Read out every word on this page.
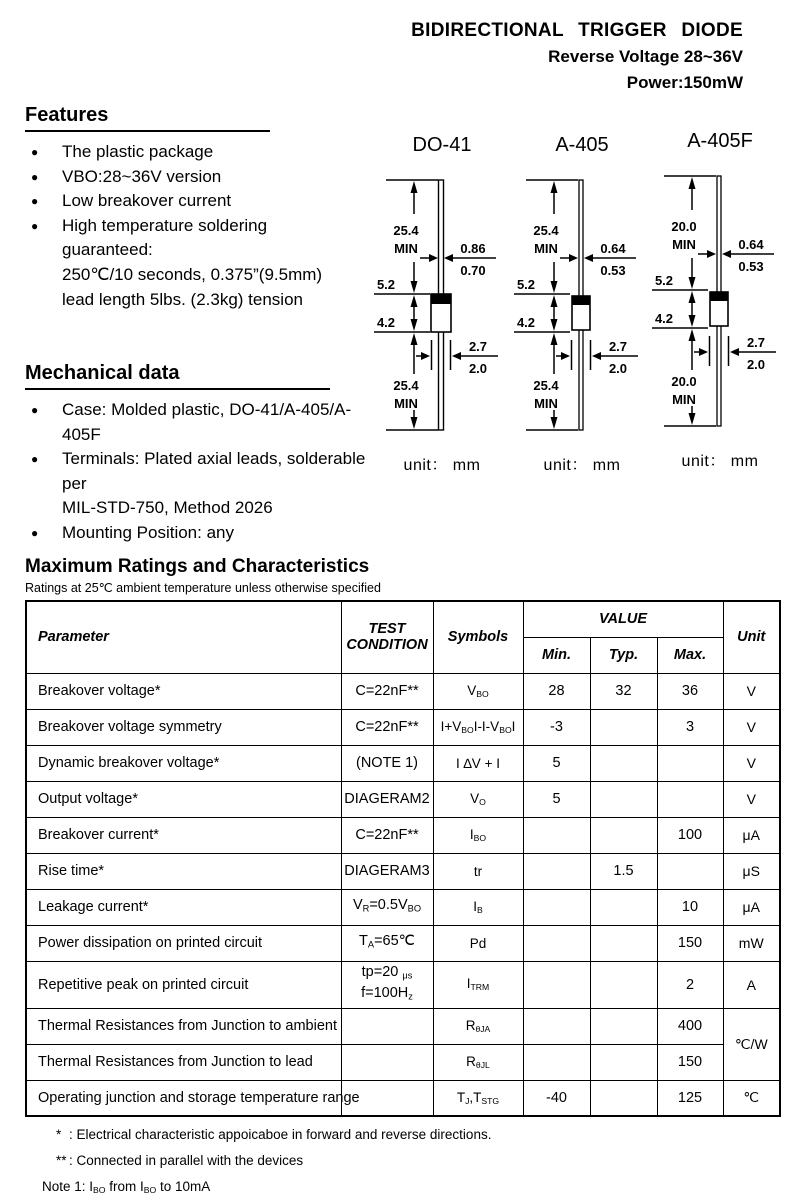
BIDIRECTIONAL TRIGGER DIODE
Reverse Voltage 28~36V
Power:150mW
Features
● The plastic package
● VBO:28~36V version
● Low breakover current
● High temperature soldering guaranteed:
250℃/10 seconds, 0.375”(9.5mm)
lead length 5lbs. (2.3kg) tension
Mechanical data
● Case: Molded plastic, DO-41/A-405/A-405F
● Terminals: Plated axial leads, solderable per
MIL-STD-750, Method 2026
● Mounting Position: any
DO-41
25.4
MIN	0.86
0.70
5.2
4.2
2.7
2.0
25.4
MIN
unit： mm
A-405
25.4
MIN	0.64
0.53
5.2
4.2
2.7
2.0
25.4
MIN
unit： mm
A-405F
20.0
MIN	0.64
0.53
5.2
4.2
2.7
2.0
20.0
MIN
unit： mm
Maximum Ratings and Characteristics
Ratings at 25℃ ambient temperature unless otherwise specified
Parameter	TEST
CONDITION	Symbols	VALUE			Unit
			Min.	Typ.	Max.	
Breakover voltage*	C=22nF**	VBO	28	32	36	V
Breakover voltage symmetry	C=22nF**	I+VBOI-I-VBOI	-3		3	V
Dynamic breakover voltage*	(NOTE 1)	I ∆V + I	5			V
Output voltage*	DIAGERAM2	VO	5			V
Breakover current*	C=22nF**	IBO			100	μA
Rise time*	DIAGERAM3	tr		1.5		μS
Leakage current*	VR=0.5VBO	IB			10	μA
Power dissipation on printed circuit	TA=65℃	Pd			150	mW
Repetitive peak on printed circuit	tp=20 μs
f=100Hz	ITRM			2	A
Thermal Resistances from Junction to ambient		RθJA			400	℃/W
Thermal Resistances from Junction to lead		RθJL			150	
Operating junction and storage temperature range		TJ,TSTG	-40		125	℃
* : Electrical characteristic appoicaboe in forward and reverse directions.
** : Connected in parallel with the devices
Note 1: IBO from IBO to 10mA
